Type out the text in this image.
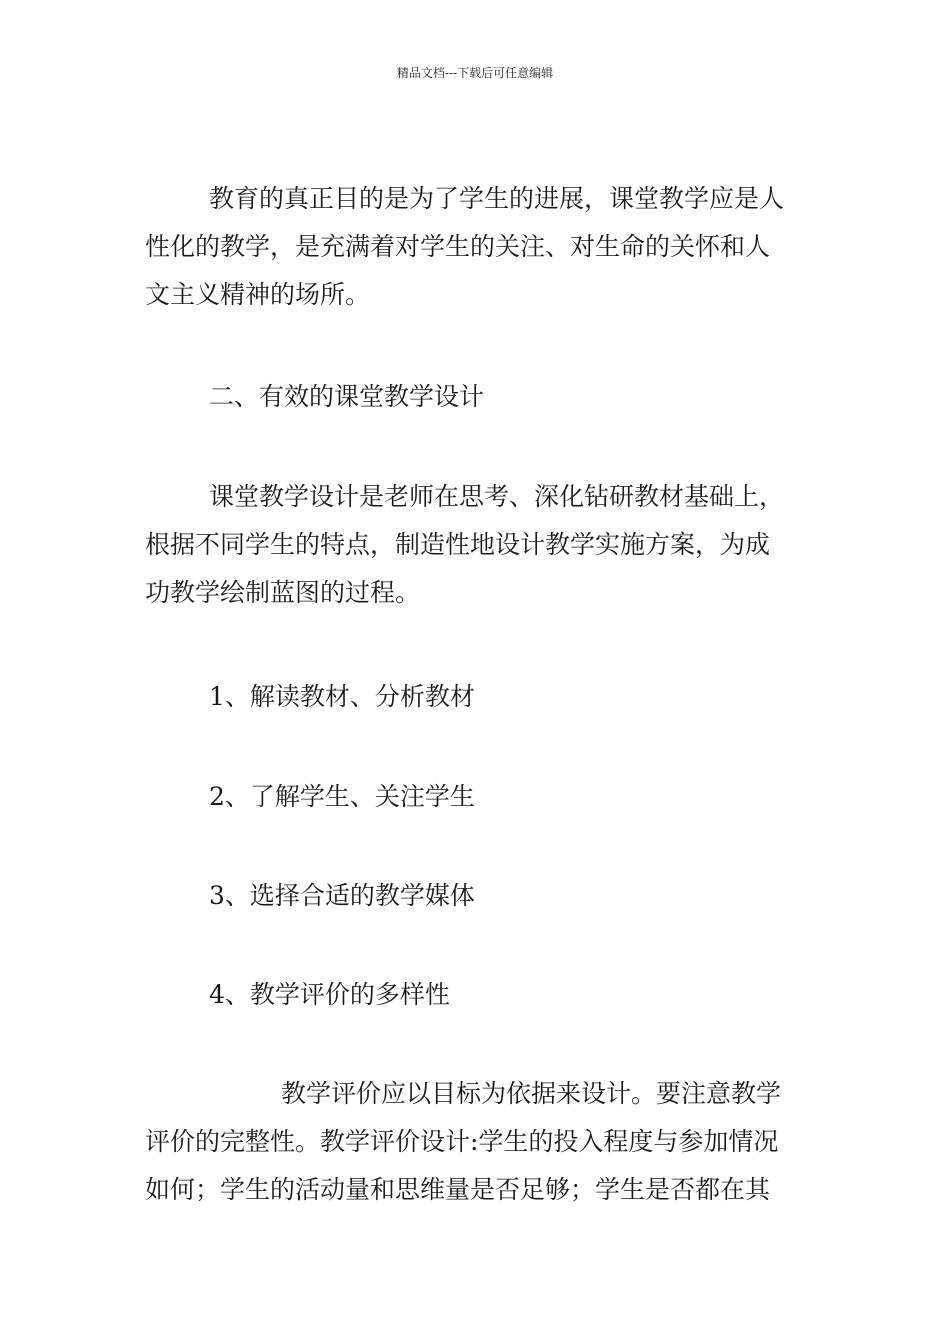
精品文档---下载后可任意编辑
教育的真正目的是为了学生的进展，课堂教学应是人
性化的教学，是充满着对学生的关注、对生命的关怀和人
文主义精神的场所。
二、有效的课堂教学设计
课堂教学设计是老师在思考、深化钻研教材基础上，
根据不同学生的特点，制造性地设计教学实施方案，为成
功教学绘制蓝图的过程。
1、解读教材、分析教材
2、了解学生、关注学生
3、选择合适的教学媒体
4、教学评价的多样性
教学评价应以目标为依据来设计。要注意教学
评价的完整性。教学评价设计:学生的投入程度与参加情况
如何；学生的活动量和思维量是否足够；学生是否都在其
